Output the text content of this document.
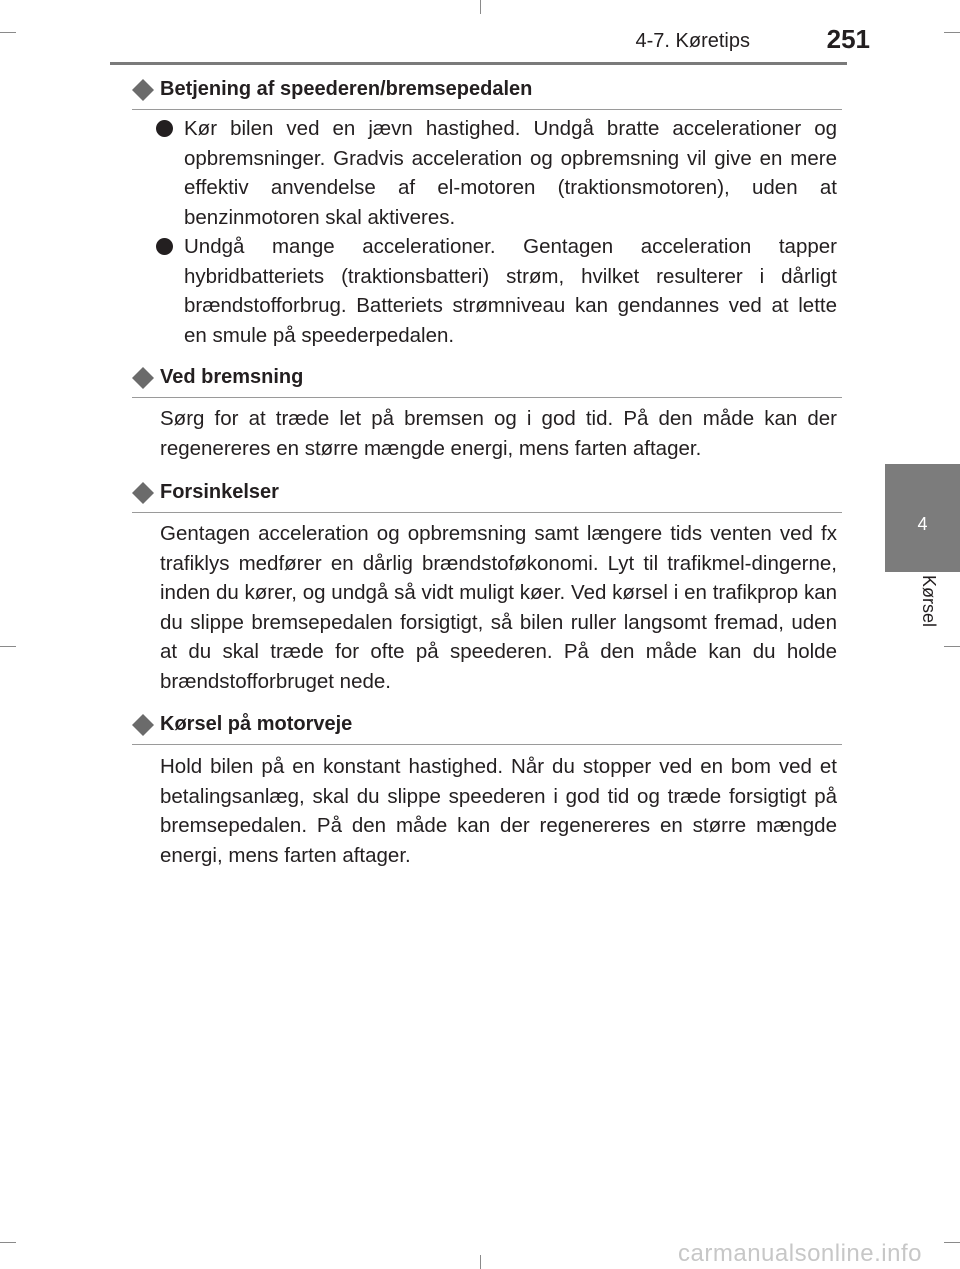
4-7. Køretips	251
4
Kørsel
Betjening af speederen/bremsepedalen
Kør bilen ved en jævn hastighed. Undgå bratte accelerationer og opbremsninger. Gradvis acceleration og opbremsning vil give en mere effektiv anvendelse af el-motoren (traktionsmotoren), uden at benzinmotoren skal aktiveres.
Undgå mange accelerationer. Gentagen acceleration tapper hybridbatteriets (traktionsbatteri) strøm, hvilket resulterer i dårligt brændstofforbrug. Batteriets strømniveau kan gendannes ved at lette en smule på speederpedalen.
Ved bremsning
Sørg for at træde let på bremsen og i god tid. På den måde kan der regenereres en større mængde energi, mens farten aftager.
Forsinkelser
Gentagen acceleration og opbremsning samt længere tids venten ved fx trafiklys medfører en dårlig brændstoføkonomi. Lyt til trafikmel-dingerne, inden du kører, og undgå så vidt muligt køer. Ved kørsel i en trafikprop kan du slippe bremsepedalen forsigtigt, så bilen ruller langsomt fremad, uden at du skal træde for ofte på speederen. På den måde kan du holde brændstofforbruget nede.
Kørsel på motorveje
Hold bilen på en konstant hastighed. Når du stopper ved en bom ved et betalingsanlæg, skal du slippe speederen i god tid og træde forsigtigt på bremsepedalen. På den måde kan der regenereres en større mængde energi, mens farten aftager.
carmanualsonline.info
